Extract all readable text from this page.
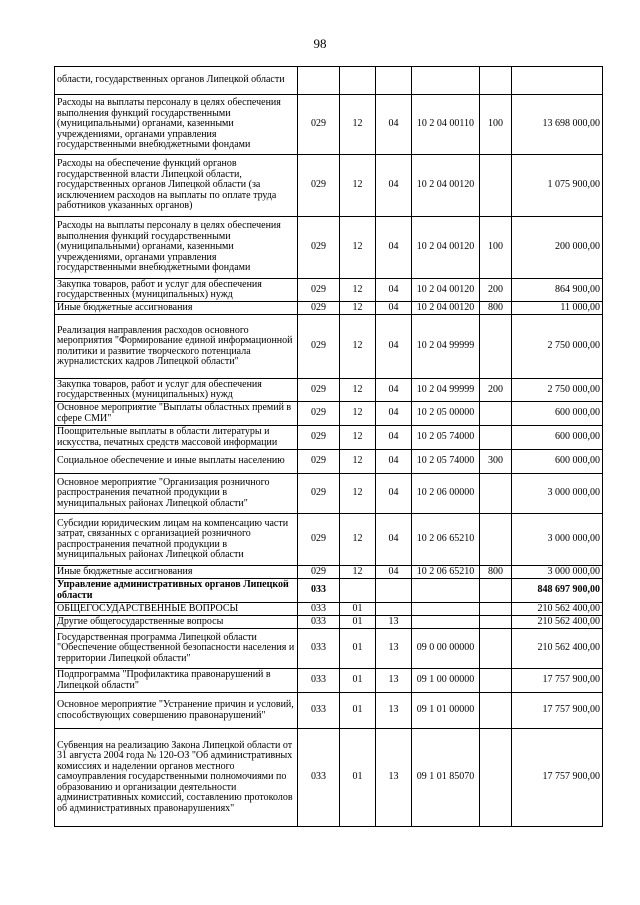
98
области, государственных органов Липецкой области						
Расходы на выплаты персоналу в целях обеспечения выполнения функций государственными (муниципальными) органами, казенными учреждениями, органами управления государственными внебюджетными фондами	029	12	04	10 2 04 00110	100	13 698 000,00
Расходы на обеспечение функций органов государственной власти Липецкой области, государственных органов Липецкой области (за исключением расходов на выплаты по оплате труда работников указанных органов)	029	12	04	10 2 04 00120		1 075 900,00
Расходы на выплаты персоналу в целях обеспечения выполнения функций государственными (муниципальными) органами, казенными учреждениями, органами управления государственными внебюджетными фондами	029	12	04	10 2 04 00120	100	200 000,00
Закупка товаров, работ и услуг для обеспечения государственных (муниципальных) нужд	029	12	04	10 2 04 00120	200	864 900,00
Иные бюджетные ассигнования	029	12	04	10 2 04 00120	800	11 000,00
Реализация направления расходов основного мероприятия "Формирование единой информационной политики и развитие творческого потенциала журналистских кадров Липецкой области"	029	12	04	10 2 04 99999		2 750 000,00
Закупка товаров, работ и услуг для обеспечения государственных (муниципальных) нужд	029	12	04	10 2 04 99999	200	2 750 000,00
Основное мероприятие "Выплаты областных премий в сфере СМИ"	029	12	04	10 2 05 00000		600 000,00
Поощрительные выплаты в области литературы и искусства, печатных средств массовой информации	029	12	04	10 2 05 74000		600 000,00
Социальное обеспечение и иные выплаты населению	029	12	04	10 2 05 74000	300	600 000,00
Основное мероприятие "Организация розничного распространения печатной продукции в муниципальных районах Липецкой области"	029	12	04	10 2 06 00000		3 000 000,00
Субсидии юридическим лицам на компенсацию части затрат, связанных с организацией розничного распространения печатной продукции в муниципальных районах Липецкой области	029	12	04	10 2 06 65210		3 000 000,00
Иные бюджетные ассигнования	029	12	04	10 2 06 65210	800	3 000 000,00
Управление административных органов Липецкой области	033					848 697 900,00
ОБЩЕГОСУДАРСТВЕННЫЕ ВОПРОСЫ	033	01				210 562 400,00
Другие общегосударственные вопросы	033	01	13			210 562 400,00
Государственная программа Липецкой области "Обеспечение общественной безопасности населения и территории Липецкой области"	033	01	13	09 0 00 00000		210 562 400,00
Подпрограмма "Профилактика правонарушений в Липецкой области"	033	01	13	09 1 00 00000		17 757 900,00
Основное мероприятие "Устранение причин и условий, способствующих совершению правонарушений"	033	01	13	09 1 01 00000		17 757 900,00
Субвенция на реализацию Закона Липецкой области от 31 августа 2004 года № 120-ОЗ "Об административных комиссиях и наделении органов местного самоуправления государственными полномочиями по образованию и организации деятельности административных комиссий, составлению протоколов об административных правонарушениях"	033	01	13	09 1 01 85070		17 757 900,00
